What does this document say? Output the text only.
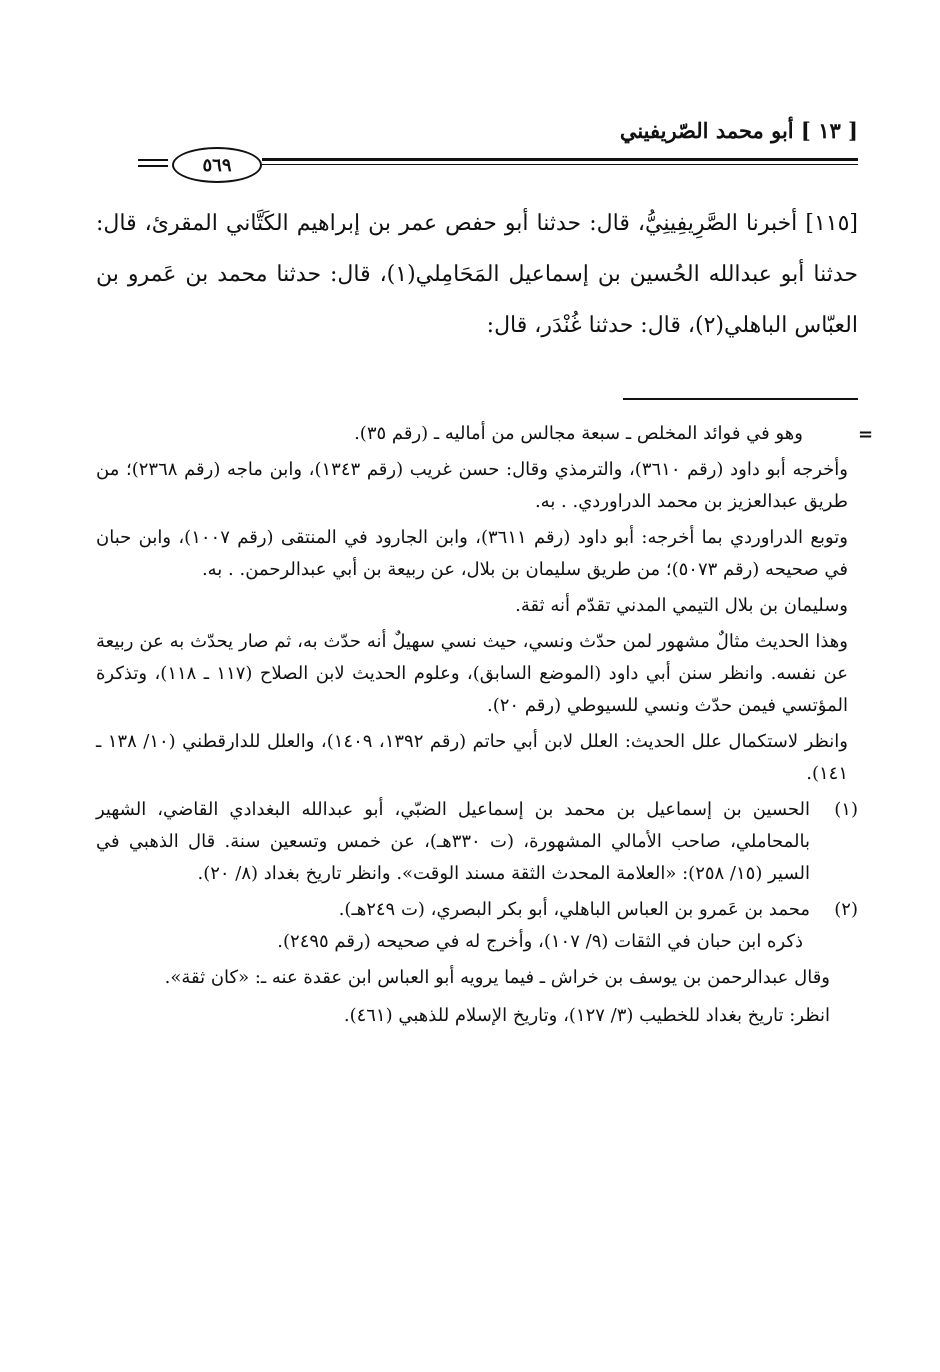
[ ١٣ ] أبو محمد الصّريفيني
٥٦٩

[١١٥] أخبرنا الصَّرِيفِينِيُّ، قال: حدثنا أبو حفص عمر بن إبراهيم الكَتَّاني المقرئ، قال: حدثنا أبو عبدالله الحُسين بن إسماعيل المَحَامِلي(١)، قال: حدثنا محمد بن عَمرو بن العبّاس الباهلي(٢)، قال: حدثنا غُنْدَر، قال:

=

وهو في فوائد المخلص ـ سبعة مجالس من أماليه ـ (رقم ٣٥).

وأخرجه أبو داود (رقم ٣٦١٠)، والترمذي وقال: حسن غريب (رقم ١٣٤٣)، وابن ماجه (رقم ٢٣٦٨)؛ من طريق عبدالعزيز بن محمد الدراوردي. . به.

وتوبع الدراوردي بما أخرجه: أبو داود (رقم ٣٦١١)، وابن الجارود في المنتقى (رقم ١٠٠٧)، وابن حبان في صحيحه (رقم ٥٠٧٣)؛ من طريق سليمان بن بلال، عن ربيعة بن أبي عبدالرحمن. . به.

وسليمان بن بلال التيمي المدني تقدّم أنه ثقة.

وهذا الحديث مثالٌ مشهور لمن حدّث ونسي، حيث نسي سهيلٌ أنه حدّث به، ثم صار يحدّث به عن ربيعة عن نفسه. وانظر سنن أبي داود (الموضع السابق)، وعلوم الحديث لابن الصلاح (١١٧ ـ ١١٨)، وتذكرة المؤتسي فيمن حدّث ونسي للسيوطي (رقم ٢٠).

وانظر لاستكمال علل الحديث: العلل لابن أبي حاتم (رقم ١٣٩٢، ١٤٠٩)، والعلل للدارقطني (١٠/ ١٣٨ ـ ١٤١).

(١)
الحسين بن إسماعيل بن محمد بن إسماعيل الضبّي، أبو عبدالله البغدادي القاضي، الشهير بالمحاملي، صاحب الأمالي المشهورة، (ت ٣٣٠هـ)، عن خمس وتسعين سنة. قال الذهبي في السير (١٥/ ٢٥٨): «العلامة المحدث الثقة مسند الوقت». وانظر تاريخ بغداد (٨/ ٢٠).
(٢)
محمد بن عَمرو بن العباس الباهلي، أبو بكر البصري، (ت ٢٤٩هـ).

ذكره ابن حبان في الثقات (٩/ ١٠٧)، وأخرج له في صحيحه (رقم ٢٤٩٥).

وقال عبدالرحمن بن يوسف بن خراش ـ فيما يرويه أبو العباس ابن عقدة عنه ـ: «كان ثقة».

انظر: تاريخ بغداد للخطيب (٣/ ١٢٧)، وتاريخ الإسلام للذهبي (٤٦١).
